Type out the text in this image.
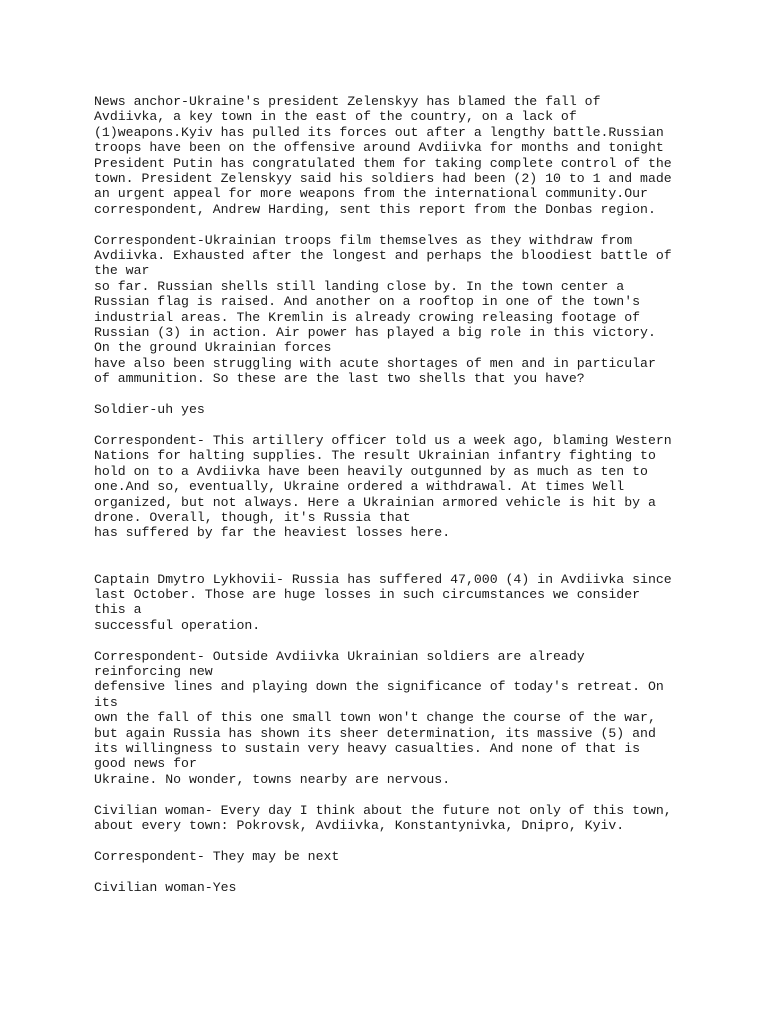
News anchor-Ukraine's president Zelenskyy has blamed the fall of
Avdiivka, a key town in the east of the country, on a lack of
(1)weapons.Kyiv has pulled its forces out after a lengthy battle.Russian
troops have been on the offensive around Avdiivka for months and tonight
President Putin has congratulated them for taking complete control of the
town. President Zelenskyy said his soldiers had been (2) 10 to 1 and made
an urgent appeal for more weapons from the international community.Our
correspondent, Andrew Harding, sent this report from the Donbas region.
Correspondent-Ukrainian troops film themselves as they withdraw from
Avdiivka. Exhausted after the longest and perhaps the bloodiest battle of
the war
so far. Russian shells still landing close by. In the town center a
Russian flag is raised. And another on a rooftop in one of the town's
industrial areas. The Kremlin is already crowing releasing footage of
Russian (3) in action. Air power has played a big role in this victory.
On the ground Ukrainian forces
have also been struggling with acute shortages of men and in particular
of ammunition. So these are the last two shells that you have?
Soldier-uh yes
Correspondent- This artillery officer told us a week ago, blaming Western
Nations for halting supplies. The result Ukrainian infantry fighting to
hold on to a Avdiivka have been heavily outgunned by as much as ten to
one.And so, eventually, Ukraine ordered a withdrawal. At times Well
organized, but not always. Here a Ukrainian armored vehicle is hit by a
drone. Overall, though, it's Russia that
has suffered by far the heaviest losses here.
Captain Dmytro Lykhovii- Russia has suffered 47,000 (4) in Avdiivka since
last October. Those are huge losses in such circumstances we consider
this a
successful operation.
Correspondent- Outside Avdiivka Ukrainian soldiers are already
reinforcing new
defensive lines and playing down the significance of today's retreat. On
its
own the fall of this one small town won't change the course of the war,
but again Russia has shown its sheer determination, its massive (5) and
its willingness to sustain very heavy casualties. And none of that is
good news for
Ukraine. No wonder, towns nearby are nervous.
Civilian woman- Every day I think about the future not only of this town,
about every town: Pokrovsk, Avdiivka, Konstantynivka, Dnipro, Kyiv.
Correspondent- They may be next
Civilian woman-Yes
